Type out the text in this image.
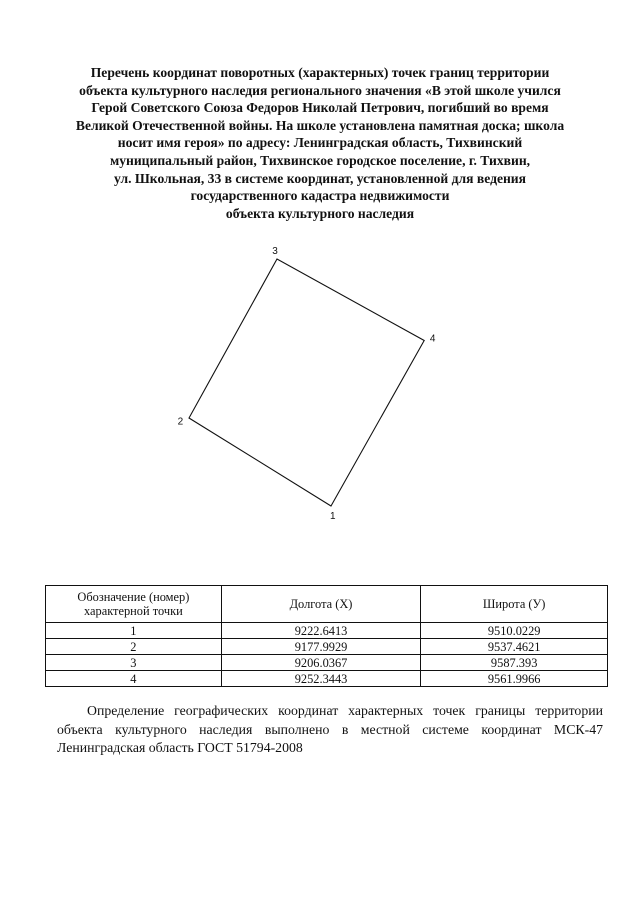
Перечень координат поворотных (характерных) точек границ территории
объекта культурного наследия регионального значения «В этой школе учился
Герой Советского Союза Федоров Николай Петрович, погибший во время
Великой Отечественной войны. На школе установлена памятная доска; школа
носит имя героя» по адресу: Ленинградская область, Тихвинский
муниципальный район, Тихвинское городское поселение, г. Тихвин,
ул. Школьная, 33 в системе координат, установленной для ведения
государственного кадастра недвижимости
объекта культурного наследия
1
2
3
4
Обозначение (номер) характерной точки	Долгота (X)	Широта (У)
1	9222.6413	9510.0229
2	9177.9929	9537.4621
3	9206.0367	9587.393
4	9252.3443	9561.9966

Определение географических координат характерных точек границы территории объекта культурного наследия выполнено в местной системе координат МСК-47 Ленинградская область ГОСТ 51794-2008
